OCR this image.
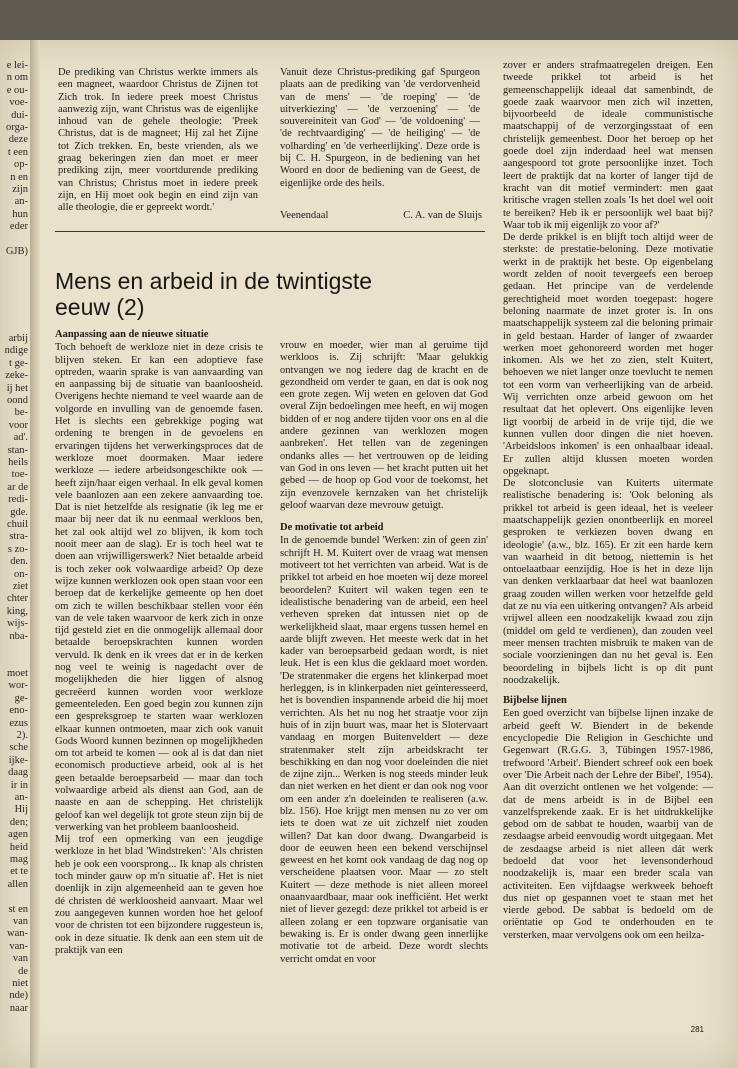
e lei-
n om
e ou-
voe-
dui-
orga-
deze
t een
op-
n en
zijn
an-
hun
eder

GJB)

arbij
ndige
t ge-
zeke-
ij het
oond
be-
voor
ad'.
stan-
heils
toe-
ar de
redi-
gde.
chuil
stra-
s zo-
den.
on-
ziet
chter
king,
wijs-
nba-

moet
wor-
ge-
eno-
ezus
2).
sche
ijke-
daag
ir in
an-
Hij
den;
agen
heid
mag
et te
allen

st en
van
wan-
van-
van
de
niet
nde)
naar

De prediking van Christus werkte immers als een magneet, waardoor Christus de Zijnen tot Zich trok. In iedere preek moest Christus aanwezig zijn, want Christus was de eigenlijke inhoud van de gehele theologie: 'Preek Christus, dat is de magneet; Hij zal het Zijne tot Zich trekken. En, beste vrienden, als we graag bekeringen zien dan moet er meer prediking zijn, meer voortdurende prediking van Christus; Christus moet in iedere preek zijn, en Hij moet ook begin en eind zijn van alle theologie, die er gepreekt wordt.'

Vanuit deze Christus-prediking gaf Spurgeon plaats aan de prediking van 'de verdorvenheid van de mens' — 'de roeping' — 'de uitverkiezing' — 'de verzoening' — 'de souvereiniteit van God' — 'de voldoening' — 'de rechtvaardiging' — 'de heiliging' — 'de volharding' en 'de verheerlijking'. Deze orde is bij C. H. Spurgeon, in de bediening van het Woord en door de bediening van de Geest, de eigenlijke orde des heils.

Veenendaal	C. A. van de Sluijs
Mens en arbeid in de twintigste eeuw (2)
Aanpassing aan de nieuwe situatie

Toch behoeft de werkloze niet in deze crisis te blijven steken. Er kan een adoptieve fase optreden, waarin sprake is van aanvaarding van en aanpassing bij de situatie van baanloosheid. Overigens hechte niemand te veel waarde aan de volgorde en invulling van de genoemde fasen. Het is slechts een gebrekkige poging wat ordening te brengen in de gevoelens en ervaringen tijdens het verwerkingsproces dat de werkloze moet doormaken. Maar iedere werkloze — iedere arbeidsongeschikte ook — heeft zijn/haar eigen verhaal. In elk geval komen vele baanlozen aan een zekere aanvaarding toe. Dat is niet hetzelfde als resignatie (ik leg me er maar bij neer dat ik nu eenmaal werkloos ben, het zal ook altijd wel zo blijven, ik kom toch nooit meer aan de slag). Er is toch heel wat te doen aan vrijwilligerswerk? Niet betaalde arbeid is toch zeker ook volwaardige arbeid? Op deze wijze kunnen werklozen ook open staan voor een beroep dat de kerkelijke gemeente op hen doet om zich te willen beschikbaar stellen voor één van de vele taken waarvoor de kerk zich in onze tijd gesteld ziet en die onmogelijk allemaal door betaalde beroepskrachten kunnen worden vervuld. Ik denk en ik vrees dat er in de kerken nog veel te weinig is nagedacht over de mogelijkheden die hier liggen of alsnog gecreëerd kunnen worden voor werkloze gemeenteleden. Een goed begin zou kunnen zijn een gespreksgroep te starten waar werklozen elkaar kunnen ontmoeten, maar zich ook vanuit Gods Woord kunnen bezinnen op mogelijkheden om tot arbeid te komen — ook al is dat dan niet economisch productieve arbeid, ook al is het geen betaalde beroepsarbeid — maar dan toch volwaardige arbeid als dienst aan God, aan de naaste en aan de schepping. Het christelijk geloof kan wel degelijk tot grote steun zijn bij de verwerking van het probleem baanloosheid.

Mij trof een opmerking van een jeugdige werkloze in het blad 'Windstreken': 'Als christen heb je ook een voorsprong... Ik knap als christen toch minder gauw op m'n situatie af'. Het is niet doenlijk in zijn algemeenheid aan te geven hoe dé christen dé werkloosheid aanvaart. Maar wel zou aangegeven kunnen worden hoe het geloof voor de christen tot een bijzondere ruggesteun is, ook in deze situatie. Ik denk aan een stem uit de praktijk van een

vrouw en moeder, wier man al geruime tijd werkloos is. Zij schrijft: 'Maar gelukkig ontvangen we nog iedere dag de kracht en de gezondheid om verder te gaan, en dat is ook nog een grote zegen. Wij weten en geloven dat God overal Zijn bedoelingen mee heeft, en wij mogen bidden of er nog andere tijden voor ons en al die andere gezinnen van werklozen mogen aanbreken'. Het tellen van de zegeningen ondanks alles — het vertrouwen op de leiding van God in ons leven — het kracht putten uit het gebed — de hoop op God voor de toekomst, het zijn evenzovele kernzaken van het christelijk geloof waarvan deze mevrouw getuigt.

De motivatie tot arbeid

In de genoemde bundel 'Werken: zin of geen zin' schrijft H. M. Kuitert over de vraag wat mensen motiveert tot het verrichten van arbeid. Wat is de prikkel tot arbeid en hoe moeten wij deze moreel beoordelen? Kuitert wil waken tegen een te idealistische benadering van de arbeid, een heel verheven spreken dat intussen niet op de werkelijkheid slaat, maar ergens tussen hemel en aarde blijft zweven. Het meeste werk dat in het kader van beroepsarbeid gedaan wordt, is niet leuk. Het is een klus die geklaard moet worden. 'De stratenmaker die ergens het klinkerpad moet herleggen, is in klinkerpaden niet geïnteresseerd, het is bovendien inspannende arbeid die hij moet verrichten. Als het nu nog het straatje voor zijn huis of in zijn buurt was, maar het is Slotervaart vandaag en morgen Buitenveldert — deze stratenmaker stelt zijn arbeidskracht ter beschikking en dan nog voor doeleinden die niet de zijne zijn... Werken is nog steeds minder leuk dan niet werken en het dient er dan ook nog voor om een ander z'n doeleinden te realiseren (a.w. blz. 156). Hoe krijgt men mensen nu zo ver om iets te doen wat ze uit zichzelf niet zouden willen? Dat kan door dwang. Dwangarbeid is door de eeuwen heen een bekend verschijnsel geweest en het komt ook vandaag de dag nog op verscheidene plaatsen voor. Maar — zo stelt Kuitert — deze methode is niet alleen moreel onaanvaardbaar, maar ook inefficiënt. Het werkt niet of liever gezegd: deze prikkel tot arbeid is er alleen zolang er een topzware organisatie van bewaking is. Er is onder dwang geen innerlijke motivatie tot de arbeid. Deze wordt slechts verricht omdat en voor

zover er anders strafmaatregelen dreigen. Een tweede prikkel tot arbeid is het gemeenschappelijk ideaal dat samenbindt, de goede zaak waarvoor men zich wil inzetten, bijvoorbeeld de ideale communistische maatschappij of de verzorgingsstaat of een christelijk gemeenbest. Door het beroep op het goede doel zijn inderdaad heel wat mensen aangespoord tot grote persoonlijke inzet. Toch leert de praktijk dat na korter of langer tijd de kracht van dit motief vermindert: men gaat kritische vragen stellen zoals 'Is het doel wel ooit te bereiken? Heb ik er persoonlijk wel baat bij? Waar tob ik mij eigenlijk zo voor af?'

De derde prikkel is en blijft toch altijd weer de sterkste: de prestatie-beloning. Deze motivatie werkt in de praktijk het beste. Op eigenbelang wordt zelden of nooit tevergeefs een beroep gedaan. Het principe van de verdelende gerechtigheid moet worden toegepast: hogere beloning naarmate de inzet groter is. In ons maatschappelijk systeem zal die beloning primair in geld bestaan. Harder of langer of zwaarder werken moet gehonoreerd worden met hoger inkomen. Als we het zo zien, stelt Kuitert, behoeven we niet langer onze toevlucht te nemen tot een vorm van verheerlijking van de arbeid. Wij verrichten onze arbeid gewoon om het resultaat dat het oplevert. Ons eigenlijke leven ligt voorbij de arbeid in de vrije tijd, die we kunnen vullen door dingen die niet hoeven. 'Arbeidsloos inkomen' is een onhaalbaar ideaal. Er zullen altijd klussen moeten worden opgeknapt.

De slotconclusie van Kuiterts uitermate realistische benadering is: 'Ook beloning als prikkel tot arbeid is geen ideaal, het is veeleer maatschappelijk gezien onontbeerlijk en moreel gesproken te verkiezen boven dwang en ideologie' (a.w., blz. 165). Er zit een harde kern van waarheid in dit betoog, niettemin is het ontoelaatbaar eenzijdig. Hoe is het in deze lijn van denken verklaarbaar dat heel wat baanlozen graag zouden willen werken voor hetzelfde geld dat ze nu via een uitkering ontvangen? Als arbeid vrijwel alleen een noodzakelijk kwaad zou zijn (middel om geld te verdienen), dan zouden veel meer mensen trachten misbruik te maken van de sociale voorzieningen dan nu het geval is. Een beoordeling in bijbels licht is op dit punt noodzakelijk.

Bijbelse lijnen

Een goed overzicht van bijbelse lijnen inzake de arbeid geeft W. Biendert in de bekende encyclopedie Die Religion in Geschichte und Gegenwart (R.G.G. 3, Tübingen 1957-1986, trefwoord 'Arbeit'. Biendert schreef ook een boek over 'Die Arbeit nach der Lehre der Bibel', 1954). Aan dit overzicht ontlenen we het volgende: — dat de mens arbeidt is in de Bijbel een vanzelfsprekende zaak. Er is het uitdrukkelijke gebod om de sabbat te houden, waarbij van de zesdaagse arbeid eenvoudig wordt uitgegaan. Met de zesdaagse arbeid is niet alleen dát werk bedoeld dat voor het levensonderhoud noodzakelijk is, maar een breder scala van activiteiten. Een vijfdaagse werkweek behoeft dus niet op gespannen voet te staan met het vierde gebod. De sabbat is bedoeld om de oriëntatie op God te onderhouden en te versterken, maar vervolgens ook om een heilza-

281
